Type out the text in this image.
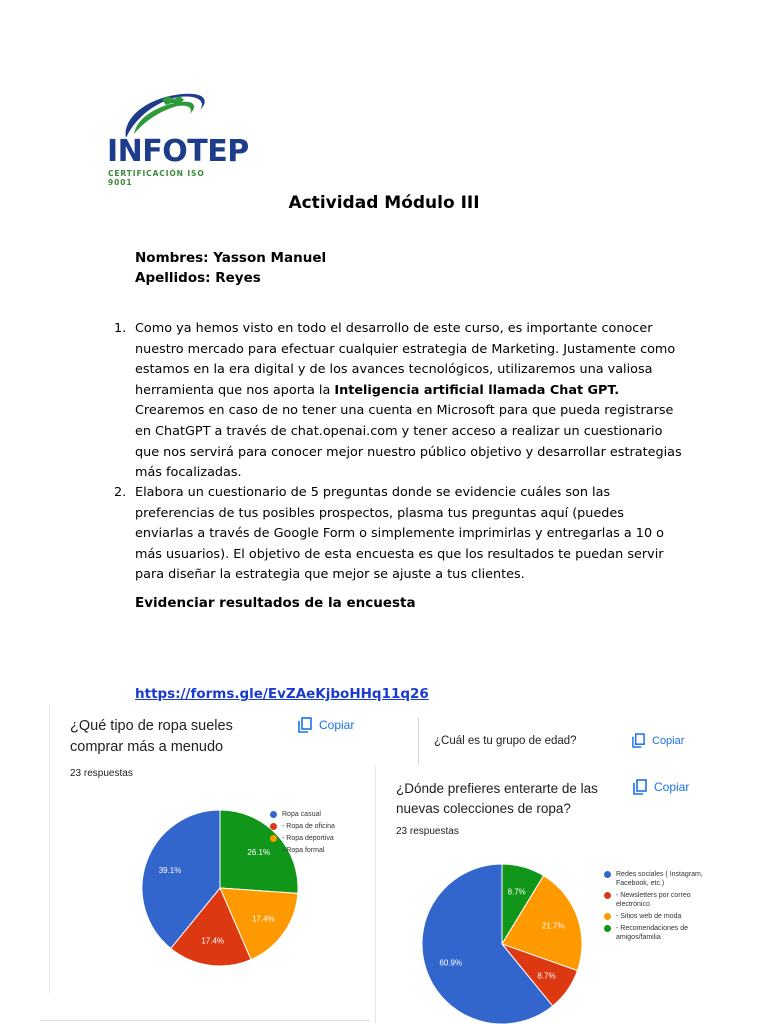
INFOTEP
CERTIFICACIÓN ISO 9001
Actividad Módulo III
Nombres: Yasson Manuel
Apellidos: Reyes
1. Como ya hemos visto en todo el desarrollo de este curso, es importante conocer nuestro mercado para efectuar cualquier estrategia de Marketing. Justamente como estamos en la era digital y de los avances tecnológicos, utilizaremos una valiosa herramienta que nos aporta la Inteligencia artificial llamada Chat GPT. Crearemos en caso de no tener una cuenta en Microsoft para que pueda registrarse en ChatGPT a través de chat.openai.com y tener acceso a realizar un cuestionario que nos servirá para conocer mejor nuestro público objetivo y desarrollar estrategias más focalizadas.
2. Elabora un cuestionario de 5 preguntas donde se evidencie cuáles son las preferencias de tus posibles prospectos, plasma tus preguntas aquí (puedes enviarlas a través de Google Form o simplemente imprimirlas y entregarlas a 10 o más usuarios). El objetivo de esta encuesta es que los resultados te puedan servir para diseñar la estrategia que mejor se ajuste a tus clientes.
Evidenciar resultados de la encuesta
https://forms.gle/EvZAeKjboHHq11q26
¿Qué tipo de ropa sueles comprar más a menudo
Copiar
23 respuestas
26.1%
17.4%
17.4%
39.1%
Ropa casual
- Ropa de oficina
- Ropa deportiva
- Ropa formal
¿Cuál es tu grupo de edad?	Copiar
¿Dónde prefieres enterarte de las nuevas colecciones de ropa?
Copiar
23 respuestas
8.7%
21.7%
8.7%
60.9%
Redes sociales ( Instagram, Facebook, etc.)
- Newsletters por correo electrónico
- Sitios web de moda
- Recomendaciones de amigos/familia
